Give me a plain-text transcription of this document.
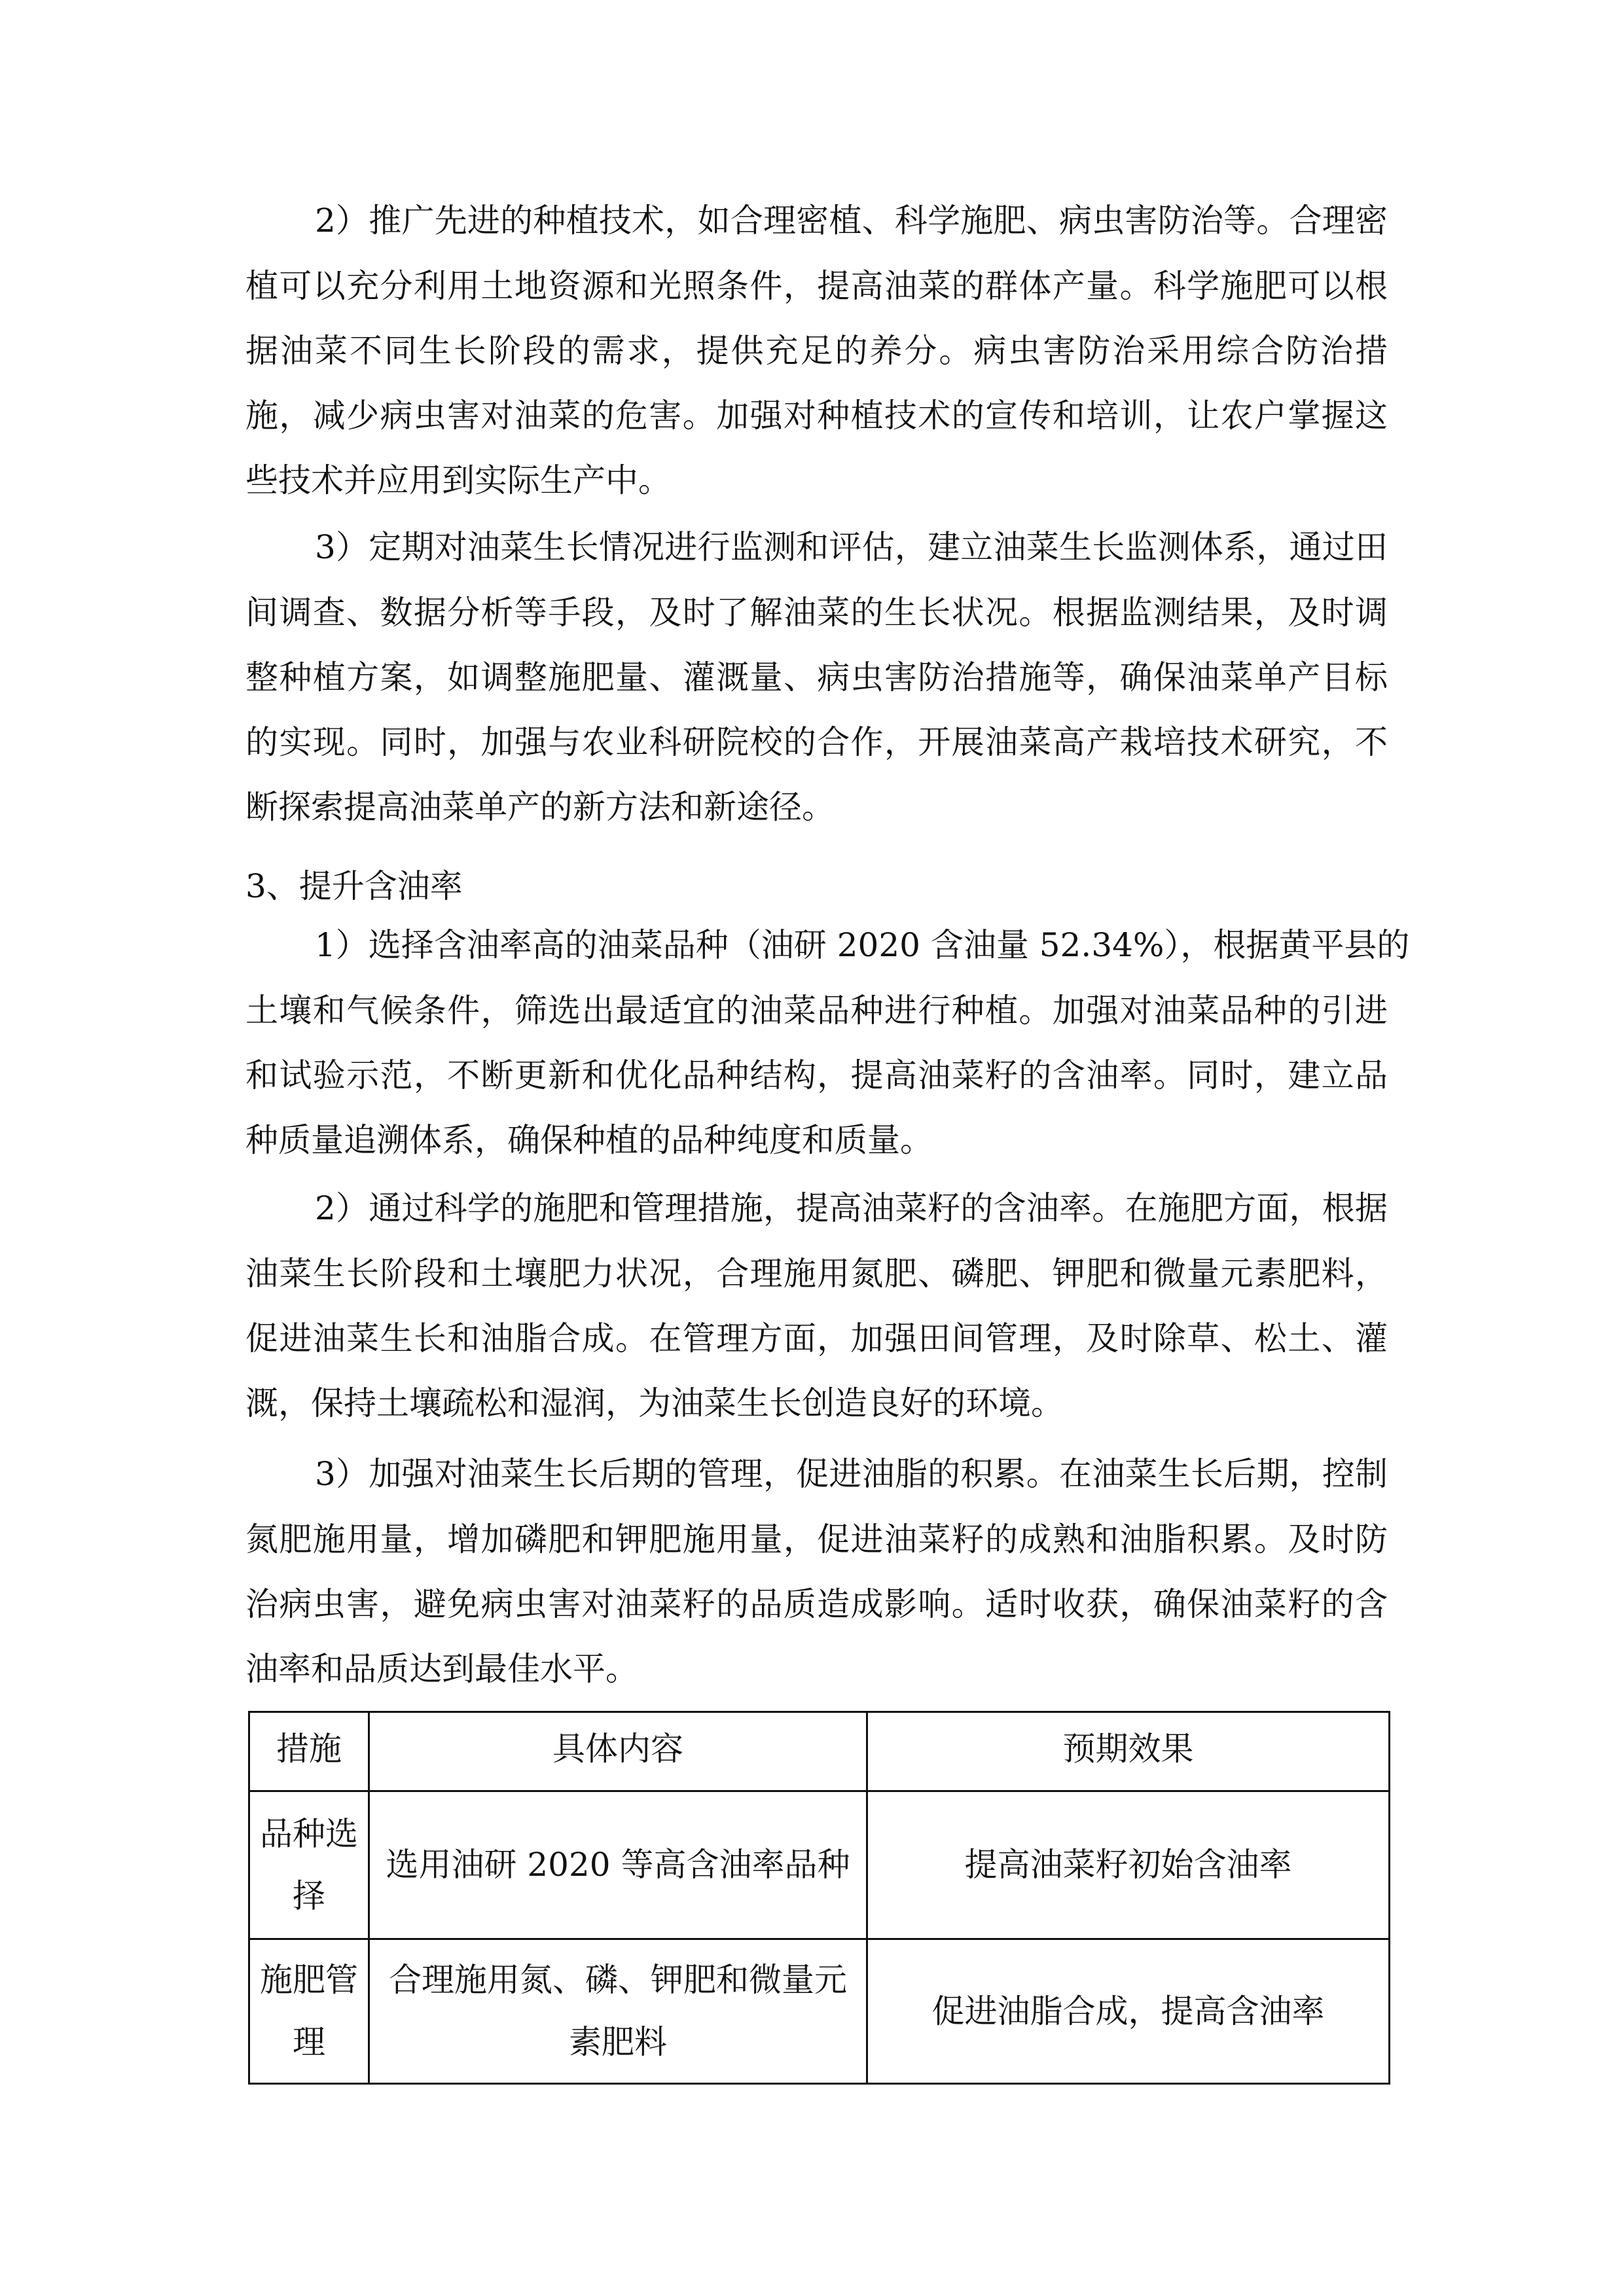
2）推广先进的种植技术，如合理密植、科学施肥、病虫害防治等。合理密
植可以充分利用土地资源和光照条件，提高油菜的群体产量。科学施肥可以根
据油菜不同生长阶段的需求，提供充足的养分。病虫害防治采用综合防治措
施，减少病虫害对油菜的危害。加强对种植技术的宣传和培训，让农户掌握这
些技术并应用到实际生产中。
3）定期对油菜生长情况进行监测和评估，建立油菜生长监测体系，通过田
间调查、数据分析等手段，及时了解油菜的生长状况。根据监测结果，及时调
整种植方案，如调整施肥量、灌溉量、病虫害防治措施等，确保油菜单产目标
的实现。同时，加强与农业科研院校的合作，开展油菜高产栽培技术研究，不
断探索提高油菜单产的新方法和新途径。
3、提升含油率
1）选择含油率高的油菜品种（油研 2020 含油量 52.34%），根据黄平县的
土壤和气候条件，筛选出最适宜的油菜品种进行种植。加强对油菜品种的引进
和试验示范，不断更新和优化品种结构，提高油菜籽的含油率。同时，建立品
种质量追溯体系，确保种植的品种纯度和质量。
2）通过科学的施肥和管理措施，提高油菜籽的含油率。在施肥方面，根据
油菜生长阶段和土壤肥力状况，合理施用氮肥、磷肥、钾肥和微量元素肥料，
促进油菜生长和油脂合成。在管理方面，加强田间管理，及时除草、松土、灌
溉，保持土壤疏松和湿润，为油菜生长创造良好的环境。
3）加强对油菜生长后期的管理，促进油脂的积累。在油菜生长后期，控制
氮肥施用量，增加磷肥和钾肥施用量，促进油菜籽的成熟和油脂积累。及时防
治病虫害，避免病虫害对油菜籽的品质造成影响。适时收获，确保油菜籽的含
油率和品质达到最佳水平。
措施	具体内容	预期效果
品种选择	选用油研 2020 等高含油率品种	提高油菜籽初始含油率
施肥管理	合理施用氮、磷、钾肥和微量元素肥料	促进油脂合成，提高含油率
